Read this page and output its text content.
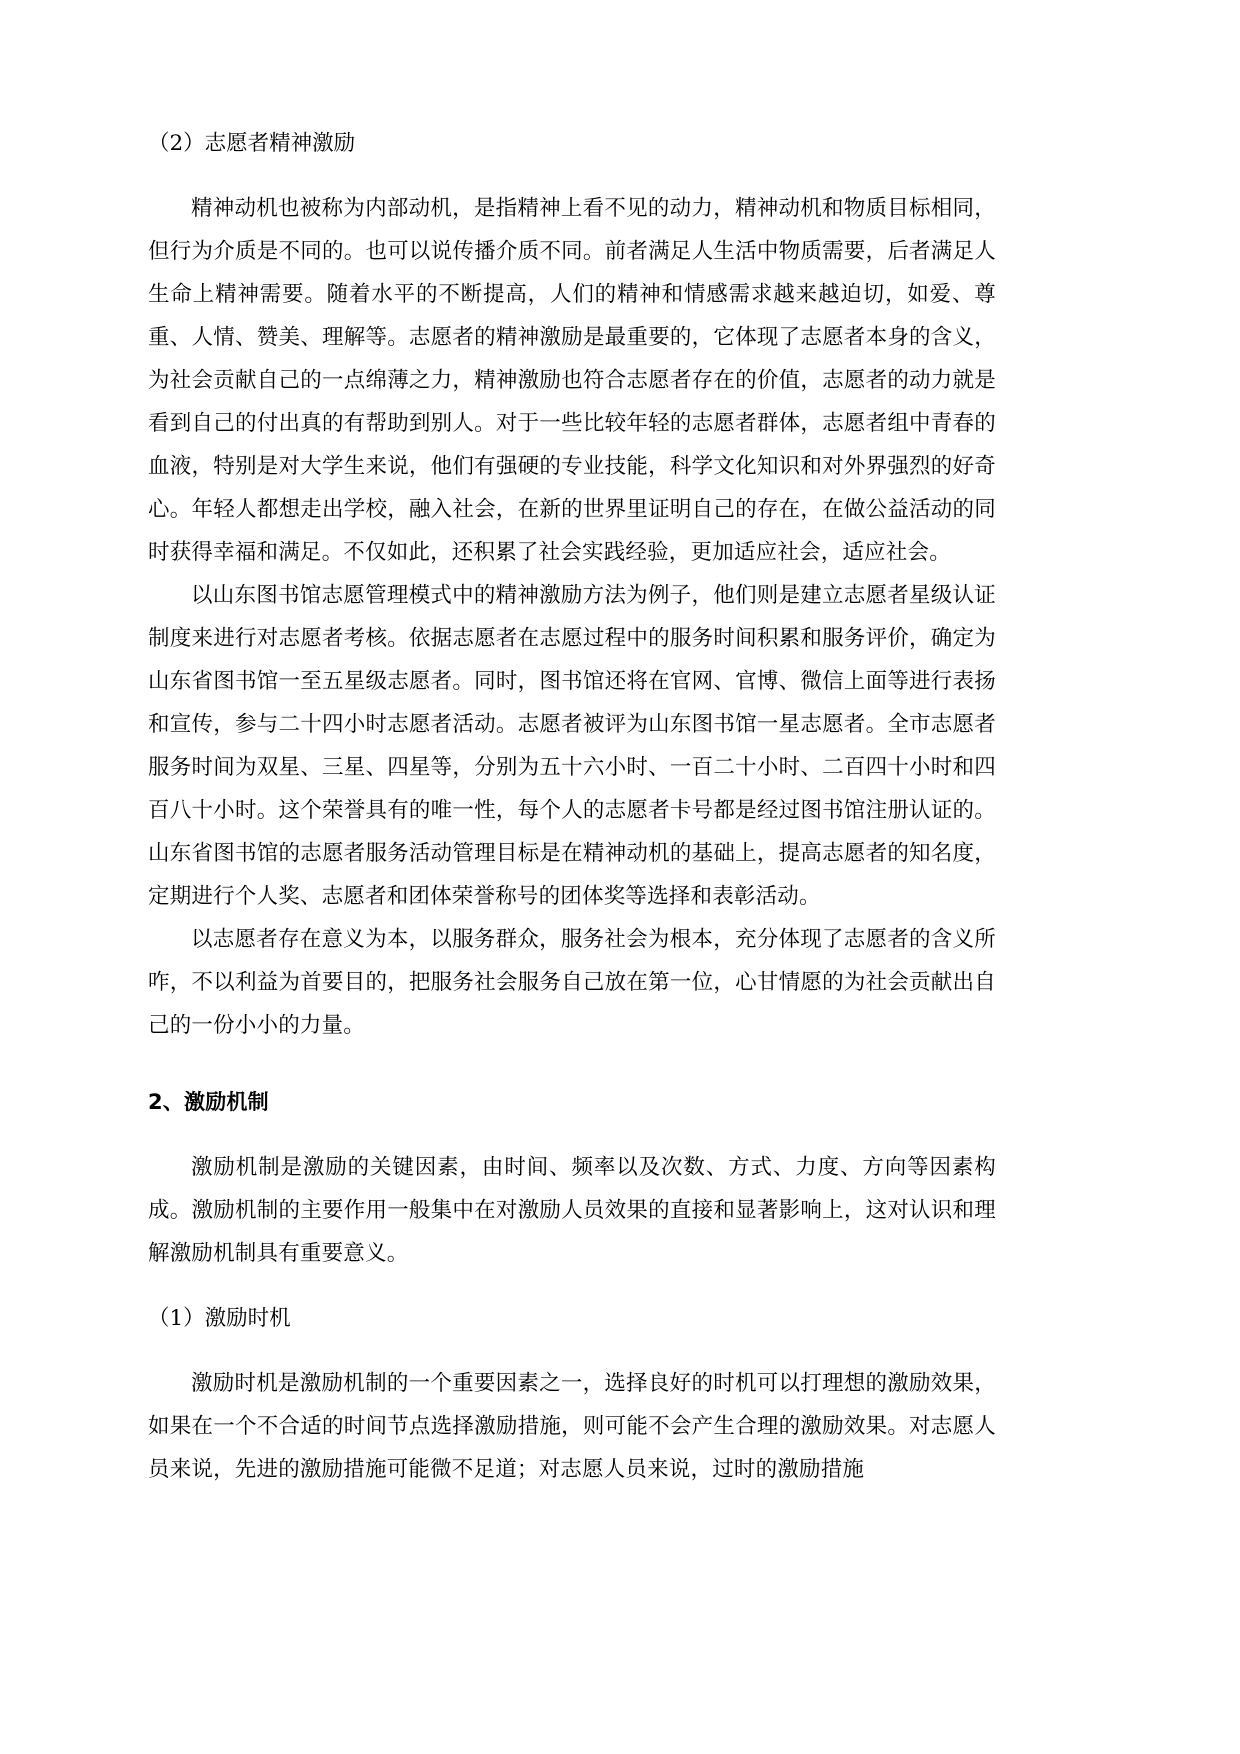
（2）志愿者精神激励

精神动机也被称为内部动机，是指精神上看不见的动力，精神动机和物质目标相同，但行为介质是不同的。也可以说传播介质不同。前者满足人生活中物质需要，后者满足人生命上精神需要。随着水平的不断提高，人们的精神和情感需求越来越迫切，如爱、尊重、人情、赞美、理解等。志愿者的精神激励是最重要的，它体现了志愿者本身的含义，为社会贡献自己的一点绵薄之力，精神激励也符合志愿者存在的价值，志愿者的动力就是看到自己的付出真的有帮助到别人。对于一些比较年轻的志愿者群体，志愿者组中青春的血液，特别是对大学生来说，他们有强硬的专业技能，科学文化知识和对外界强烈的好奇心。年轻人都想走出学校，融入社会，在新的世界里证明自己的存在，在做公益活动的同时获得幸福和满足。不仅如此，还积累了社会实践经验，更加适应社会，适应社会。

以山东图书馆志愿管理模式中的精神激励方法为例子，他们则是建立志愿者星级认证制度来进行对志愿者考核。依据志愿者在志愿过程中的服务时间积累和服务评价，确定为山东省图书馆一至五星级志愿者。同时，图书馆还将在官网、官博、微信上面等进行表扬和宣传，参与二十四小时志愿者活动。志愿者被评为山东图书馆一星志愿者。全市志愿者服务时间为双星、三星、四星等，分别为五十六小时、一百二十小时、二百四十小时和四百八十小时。这个荣誉具有的唯一性，每个人的志愿者卡号都是经过图书馆注册认证的。山东省图书馆的志愿者服务活动管理目标是在精神动机的基础上，提高志愿者的知名度，定期进行个人奖、志愿者和团体荣誉称号的团体奖等选择和表彰活动。

以志愿者存在意义为本，以服务群众，服务社会为根本，充分体现了志愿者的含义所咋，不以利益为首要目的，把服务社会服务自己放在第一位，心甘情愿的为社会贡献出自己的一份小小的力量。

2、激励机制

激励机制是激励的关键因素，由时间、频率以及次数、方式、力度、方向等因素构成。激励机制的主要作用一般集中在对激励人员效果的直接和显著影响上，这对认识和理解激励机制具有重要意义。

（1）激励时机

激励时机是激励机制的一个重要因素之一，选择良好的时机可以打理想的激励效果，如果在一个不合适的时间节点选择激励措施，则可能不会产生合理的激励效果。对志愿人员来说，先进的激励措施可能微不足道；对志愿人员来说，过时的激励措施
